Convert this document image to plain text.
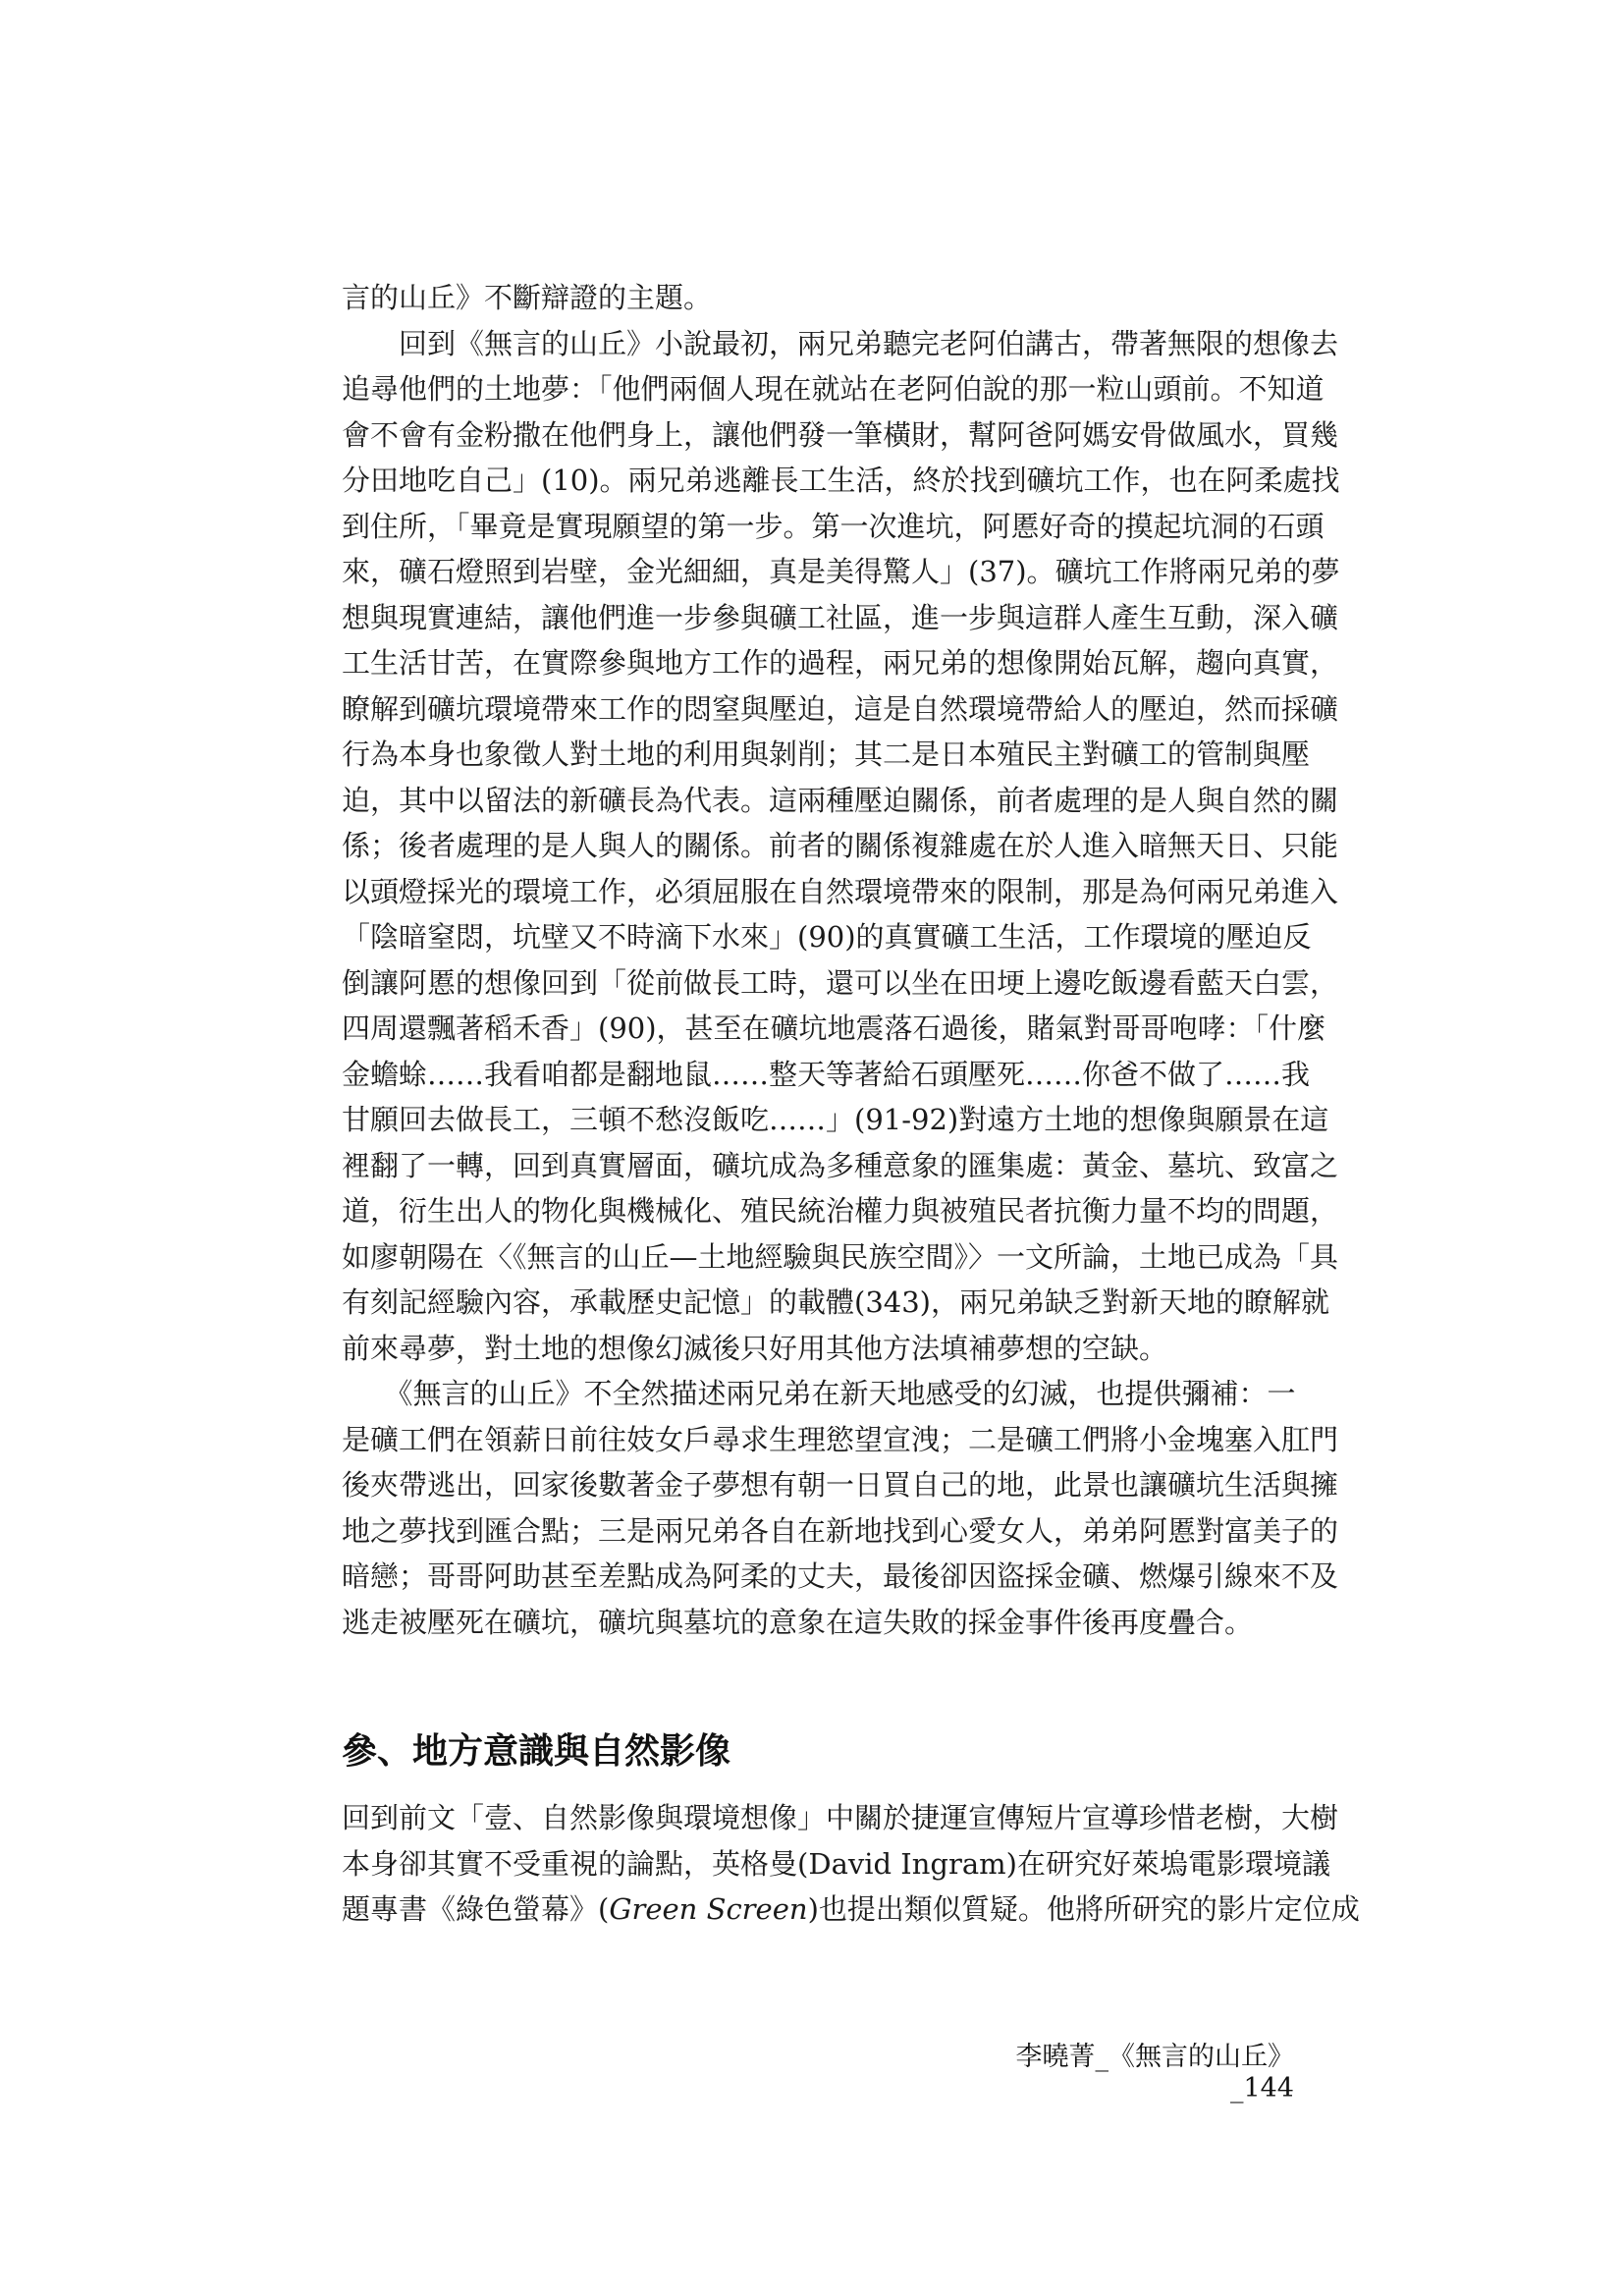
言的山丘》不斷辯證的主題。

　　回到《無言的山丘》小說最初，兩兄弟聽完老阿伯講古，帶著無限的想像去
追尋他們的土地夢：「他們兩個人現在就站在老阿伯說的那一粒山頭前。不知道
會不會有金粉撒在他們身上，讓他們發一筆橫財，幫阿爸阿媽安骨做風水，買幾
分田地吃自己」(10)。兩兄弟逃離長工生活，終於找到礦坑工作，也在阿柔處找
到住所，「畢竟是實現願望的第一步。第一次進坑，阿慝好奇的摸起坑洞的石頭
來，礦石燈照到岩壁，金光細細，真是美得驚人」(37)。礦坑工作將兩兄弟的夢
想與現實連結，讓他們進一步參與礦工社區，進一步與這群人產生互動，深入礦
工生活甘苦，在實際參與地方工作的過程，兩兄弟的想像開始瓦解，趨向真實，
瞭解到礦坑環境帶來工作的悶窒與壓迫，這是自然環境帶給人的壓迫，然而採礦
行為本身也象徵人對土地的利用與剝削；其二是日本殖民主對礦工的管制與壓
迫，其中以留法的新礦長為代表。這兩種壓迫關係，前者處理的是人與自然的關
係；後者處理的是人與人的關係。前者的關係複雜處在於人進入暗無天日、只能
以頭燈採光的環境工作，必須屈服在自然環境帶來的限制，那是為何兩兄弟進入
「陰暗窒悶，坑壁又不時滴下水來」(90)的真實礦工生活，工作環境的壓迫反
倒讓阿慝的想像回到「從前做長工時，還可以坐在田埂上邊吃飯邊看藍天白雲，
四周還飄著稻禾香」(90)，甚至在礦坑地震落石過後，賭氣對哥哥咆哮：「什麼
金蟾蜍……我看咱都是翻地鼠……整天等著給石頭壓死……你爸不做了……我
甘願回去做長工，三頓不愁沒飯吃……」(91-92)對遠方土地的想像與願景在這
裡翻了一轉，回到真實層面，礦坑成為多種意象的匯集處：黃金、墓坑、致富之
道，衍生出人的物化與機械化、殖民統治權力與被殖民者抗衡力量不均的問題，
如廖朝陽在〈《無言的山丘—土地經驗與民族空間》〉一文所論，土地已成為「具
有刻記經驗內容，承載歷史記憶」的載體(343)，兩兄弟缺乏對新天地的瞭解就
前來尋夢，對土地的想像幻滅後只好用其他方法填補夢想的空缺。

　　《無言的山丘》不全然描述兩兄弟在新天地感受的幻滅，也提供彌補：一
是礦工們在領薪日前往妓女戶尋求生理慾望宣洩；二是礦工們將小金塊塞入肛門
後夾帶逃出，回家後數著金子夢想有朝一日買自己的地，此景也讓礦坑生活與擁
地之夢找到匯合點；三是兩兄弟各自在新地找到心愛女人，弟弟阿慝對富美子的
暗戀；哥哥阿助甚至差點成為阿柔的丈夫，最後卻因盜採金礦、燃爆引線來不及
逃走被壓死在礦坑，礦坑與墓坑的意象在這失敗的採金事件後再度疊合。

參、地方意識與自然影像

回到前文「壹、自然影像與環境想像」中關於捷運宣傳短片宣導珍惜老樹，大樹
本身卻其實不受重視的論點，英格曼(David Ingram)在研究好萊塢電影環境議
題專書《綠色螢幕》(Green Screen)也提出類似質疑。他將所研究的影片定位成

李曉菁_《無言的山丘》_144
